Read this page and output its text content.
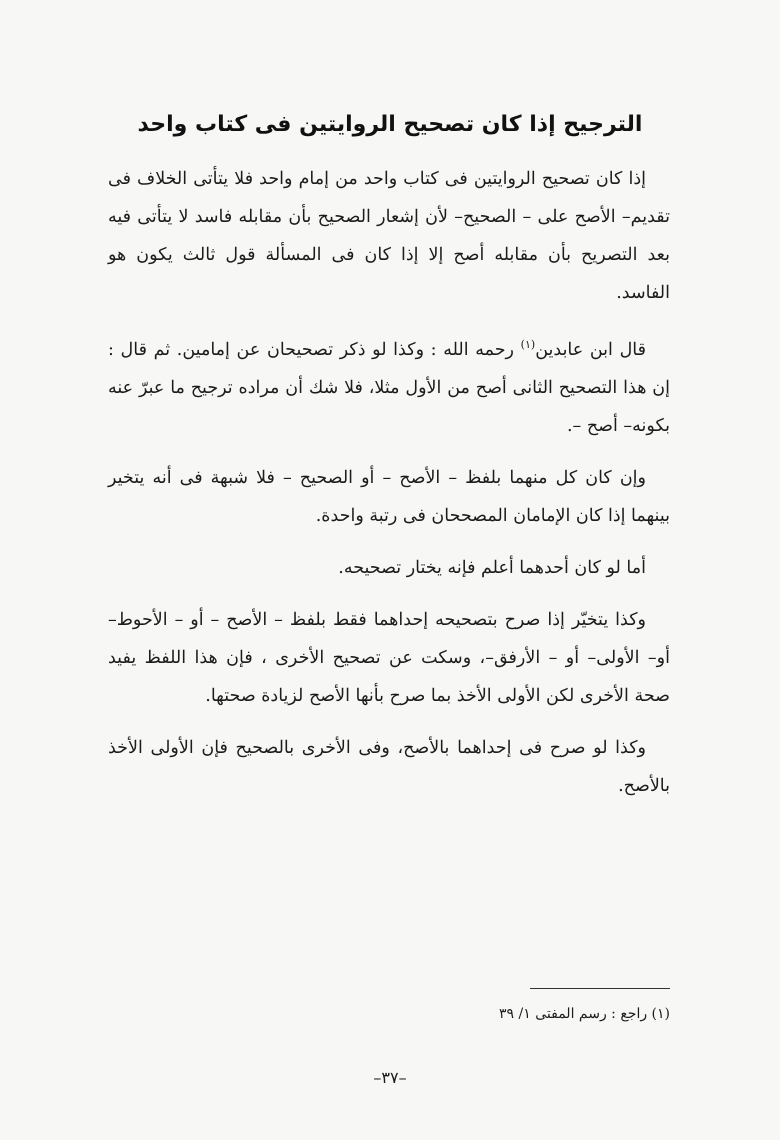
الترجيح إذا كان تصحيح الروايتين فى كتاب واحد

إذا كان تصحيح الروايتين فى كتاب واحد من إمام واحد فلا يتأتى الخلاف فى تقديم– الأصح على – الصحيح– لأن إشعار الصحيح بأن مقابله فاسد لا يتأتى فيه بعد التصريح بأن مقابله أصح إلا إذا كان فى المسألة قول ثالث يكون هو الفاسد.

قال ابن عابدين$^{(١)}$ رحمه الله : وكذا لو ذكر تصحيحان عن إمامين. ثم قال : إن هذا التصحيح الثانى أصح من الأول مثلا، فلا شك أن مراده ترجيح ما عبرّ عنه بكونه– أصح –.

وإن كان كل منهما بلفظ – الأصح – أو الصحيح – فلا شبهة فى أنه يتخير بينهما إذا كان الإمامان المصححان فى رتبة واحدة.

أما لو كان أحدهما أعلم فإنه يختار تصحيحه.

وكذا يتخيّر إذا صرح بتصحيحه إحداهما فقط بلفظ – الأصح – أو – الأحوط– أو– الأولى– أو – الأرفق–، وسكت عن تصحيح الأخرى ، فإن هذا اللفظ يفيد صحة الأخرى لكن الأولى الأخذ بما صرح بأنها الأصح لزيادة صحتها.

وكذا لو صرح فى إحداهما بالأصح، وفى الأخرى بالصحيح فإن الأولى الأخذ بالأصح.

(١) راجع : رسم المفتى ١/ ٣٩
–٣٧–
